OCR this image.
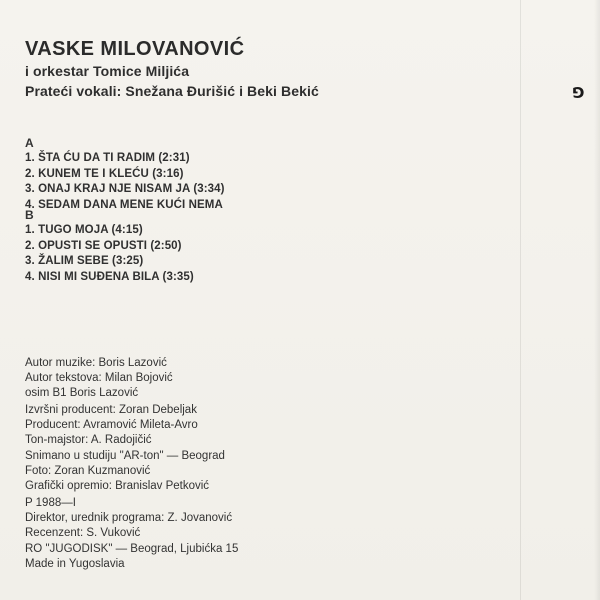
G
VASKE MILOVANOVIĆ
i orkestar Tomice Miljića
Prateći vokali: Snežana Đurišić i Beki Bekić
A
1. ŠTA ĆU DA TI RADIM (2:31)
2. KUNEM TE I KLEĆU (3:16)
3. ONAJ KRAJ NJE NISAM JA (3:34)
4. SEDAM DANA MENE KUĆI NEMA
B
1. TUGO MOJA (4:15)
2. OPUSTI SE OPUSTI (2:50)
3. ŽALIM SEBE (3:25)
4. NISI MI SUĐENA BILA (3:35)
Autor muzike: Boris Lazović
Autor tekstova: Milan Bojović
osim B1 Boris Lazović
Izvršni producent: Zoran Debeljak
Producent: Avramović Mileta-Avro
Ton-majstor: A. Radojičić
Snimano u studiju "AR-ton" — Beograd
Foto: Zoran Kuzmanović
Grafički opremio: Branislav Petković
P 1988—I
Direktor, urednik programa: Z. Jovanović
Recenzent: S. Vuković
RO "JUGODISK" — Beograd, Ljubićka 15
Made in Yugoslavia
